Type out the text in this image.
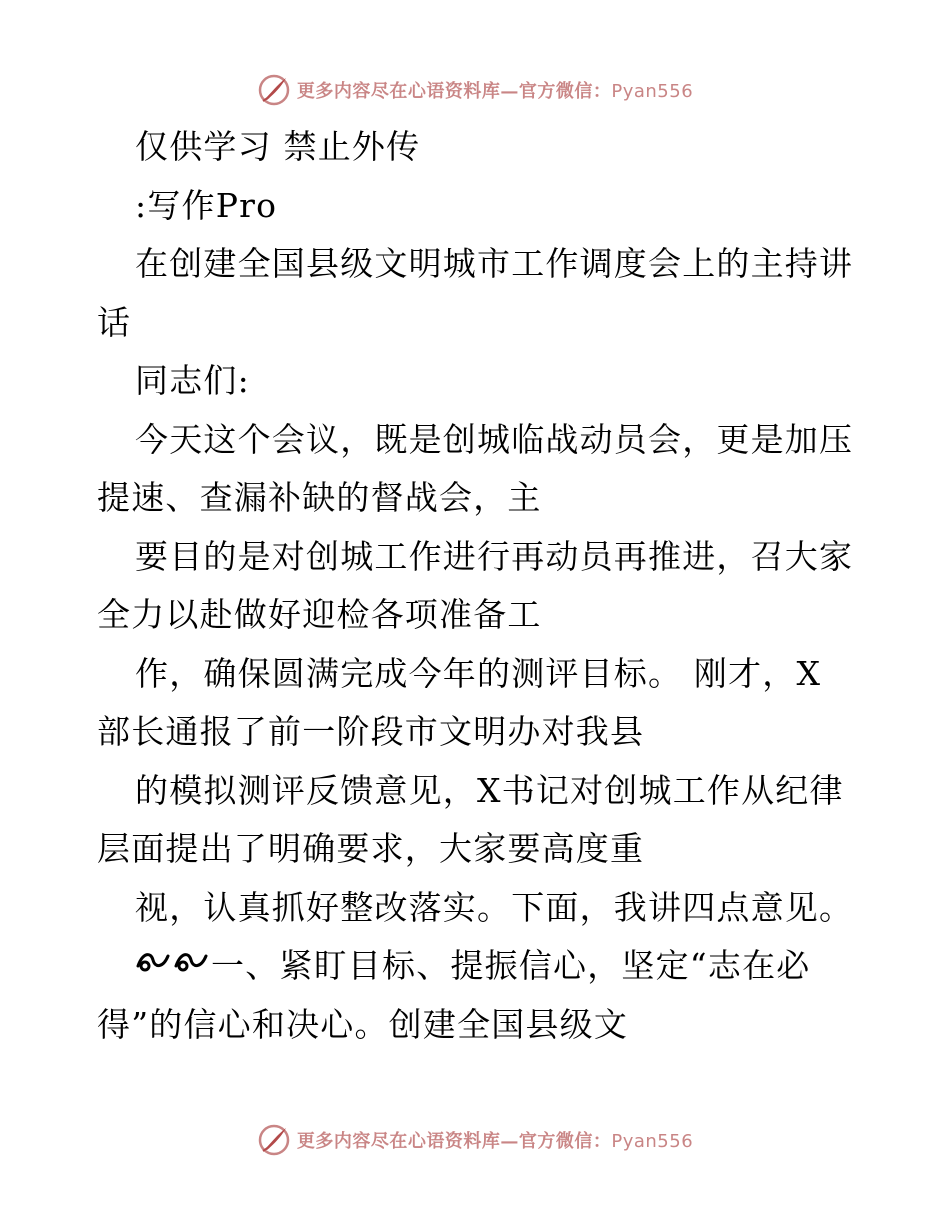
更多内容尽在心语资料库—官方微信：Pyan556
仅供学习 禁止外传
:写作Pro
在创建全国县级文明城市工作调度会上的主持讲
话
同志们:
今天这个会议，既是创城临战动员会，更是加压
提速、查漏补缺的督战会，主
要目的是对创城工作进行再动员再推进，召大家
全力以赴做好迎检各项准备工
作，确保圆满完成今年的测评目标。 刚才，X
部长通报了前一阶段市文明办对我县
的模拟测评反馈意见，X书记对创城工作从纪律
层面提出了明确要求，大家要高度重
视，认真抓好整改落实。下面，我讲四点意见。
一、紧盯目标、提振信心，坚定“志在必
得”的信心和决心。创建全国县级文
更多内容尽在心语资料库—官方微信：Pyan556
